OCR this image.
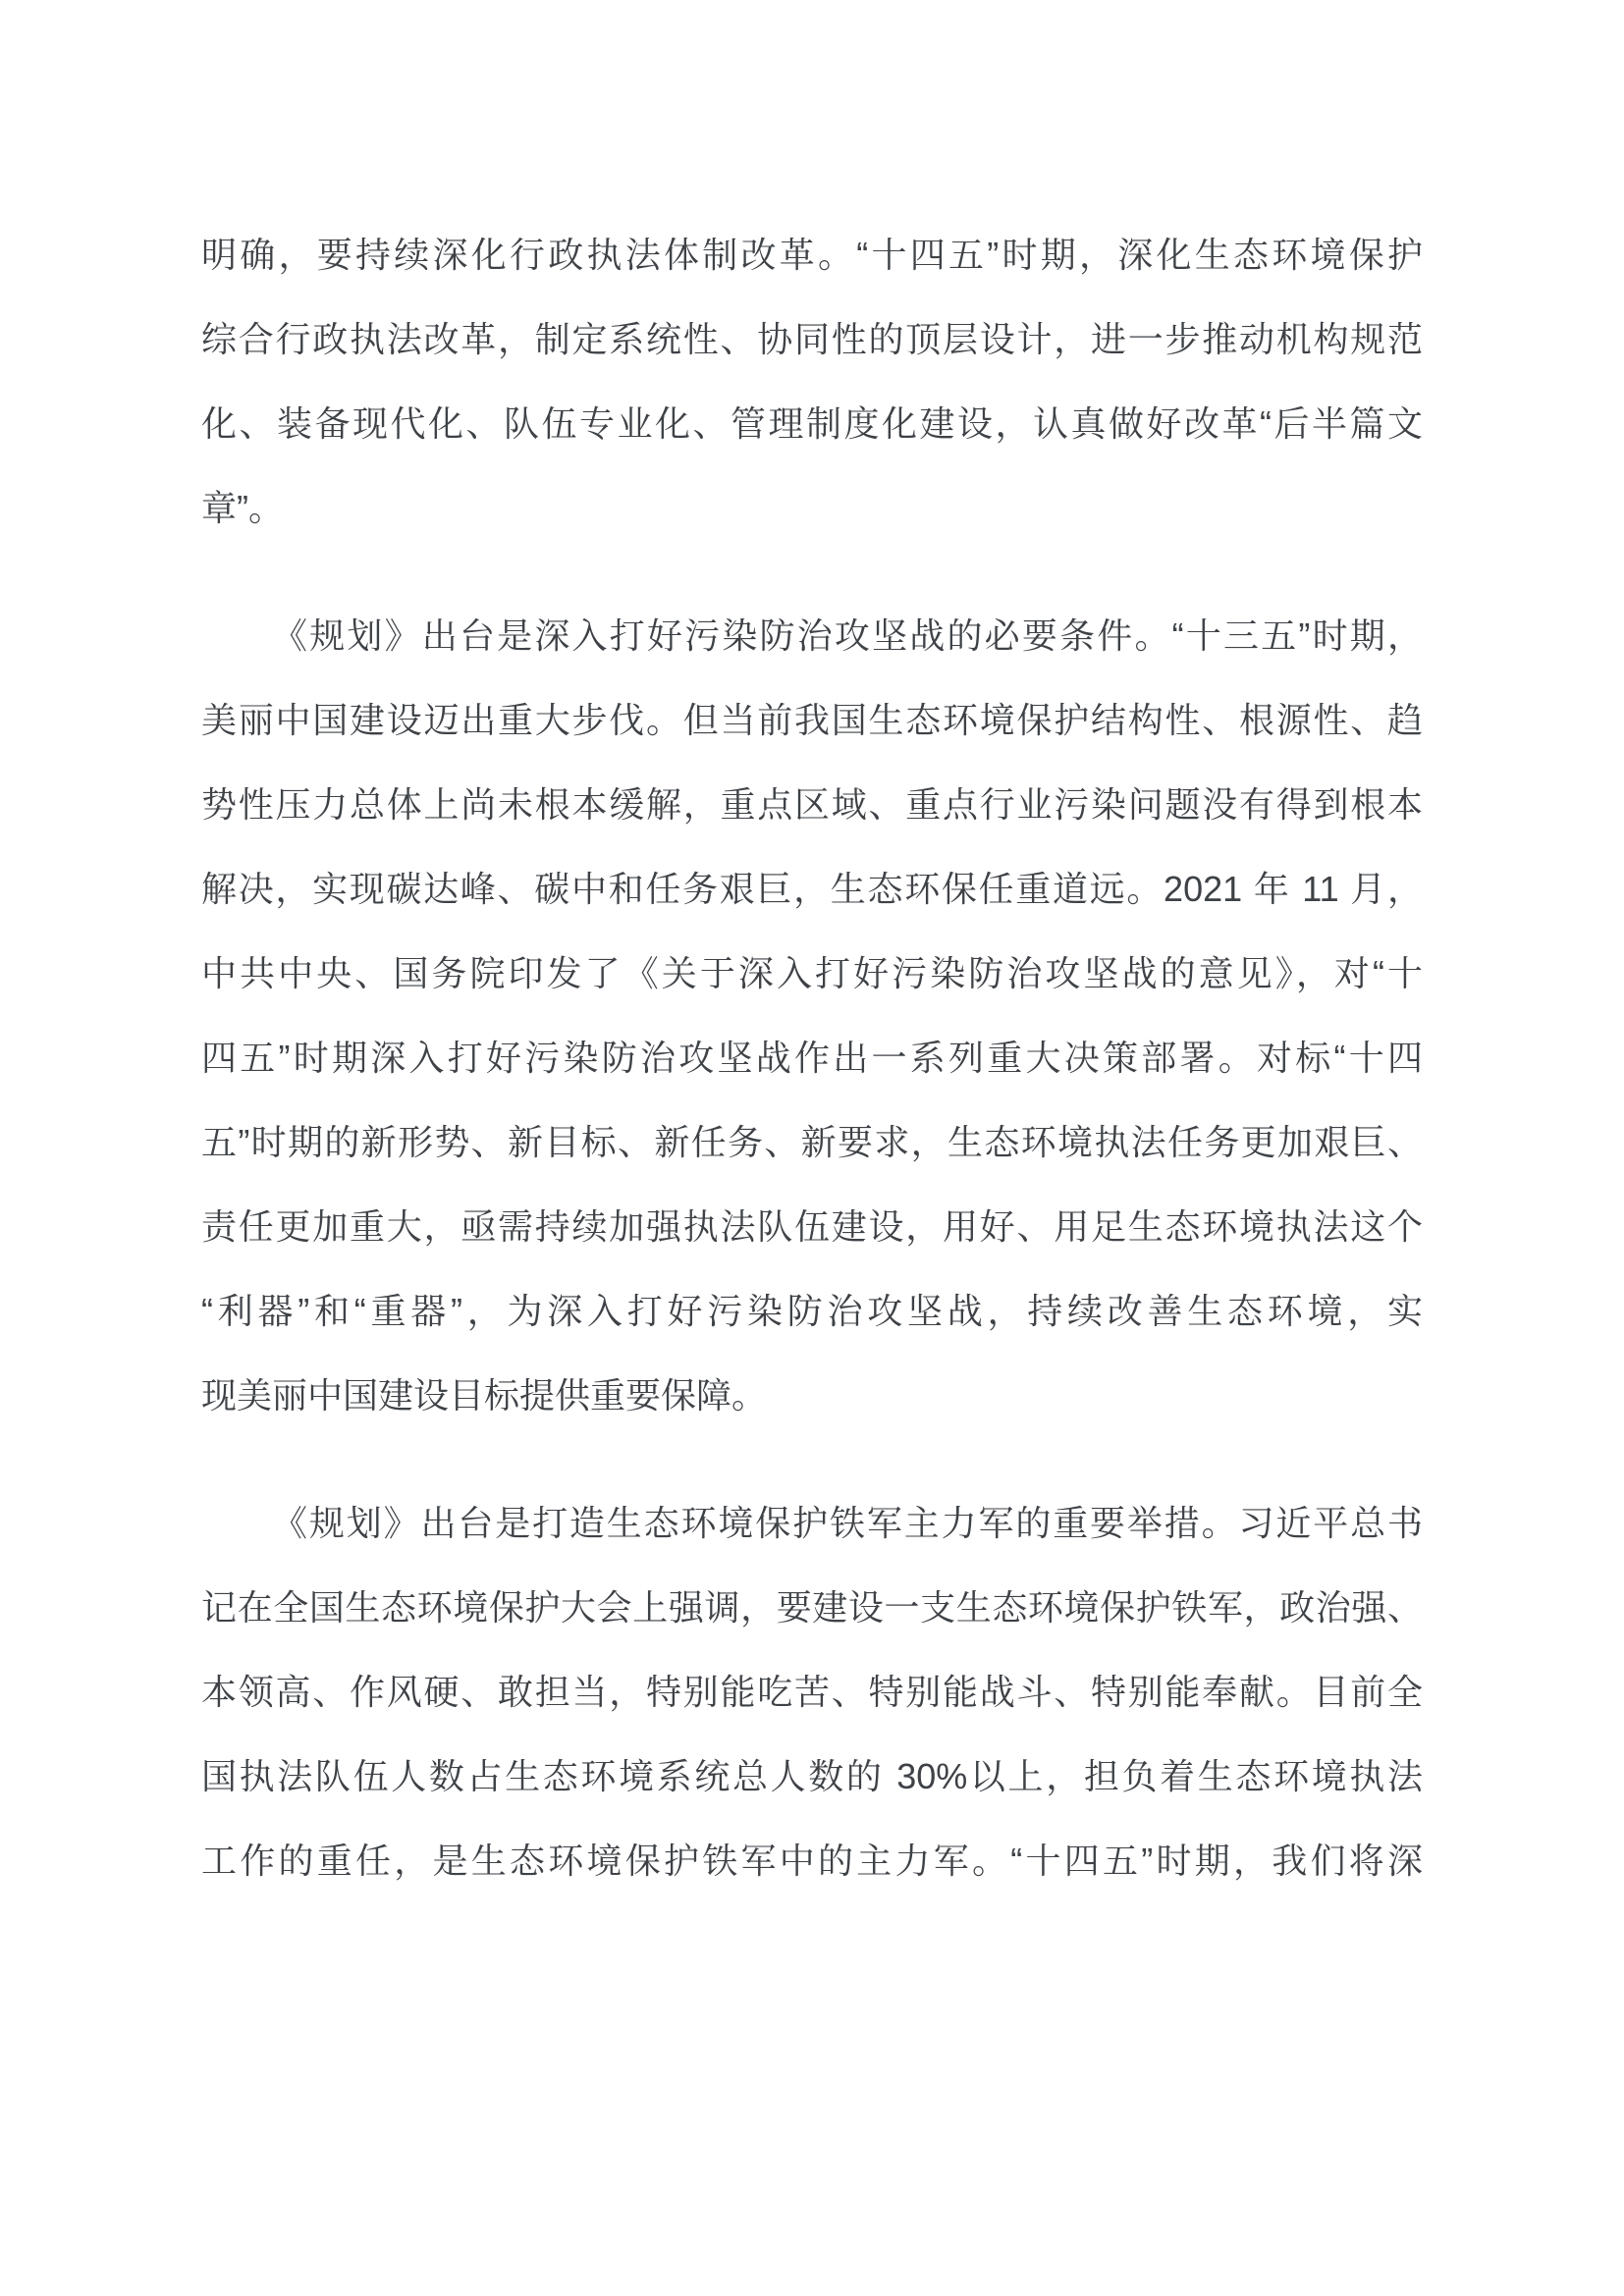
明确，要持续深化行政执法体制改革。“十四五”时期，深化生态环境保护
综合行政执法改革，制定系统性、协同性的顶层设计，进一步推动机构规范
化、装备现代化、队伍专业化、管理制度化建设，认真做好改革“后半篇文
章”。
《规划》出台是深入打好污染防治攻坚战的必要条件。“十三五”时期，
美丽中国建设迈出重大步伐。但当前我国生态环境保护结构性、根源性、趋
势性压力总体上尚未根本缓解，重点区域、重点行业污染问题没有得到根本
解决，实现碳达峰、碳中和任务艰巨，生态环保任重道远。2021 年 11 月，
中共中央、国务院印发了《关于深入打好污染防治攻坚战的意见》，对“十
四五”时期深入打好污染防治攻坚战作出一系列重大决策部署。对标“十四
五”时期的新形势、新目标、新任务、新要求，生态环境执法任务更加艰巨、
责任更加重大，亟需持续加强执法队伍建设，用好、用足生态环境执法这个
“利器”和“重器”，为深入打好污染防治攻坚战，持续改善生态环境，实
现美丽中国建设目标提供重要保障。
《规划》出台是打造生态环境保护铁军主力军的重要举措。习近平总书
记在全国生态环境保护大会上强调，要建设一支生态环境保护铁军，政治强、
本领高、作风硬、敢担当，特别能吃苦、特别能战斗、特别能奉献。目前全
国执法队伍人数占生态环境系统总人数的 30%以上，担负着生态环境执法
工作的重任，是生态环境保护铁军中的主力军。“十四五”时期，我们将深
